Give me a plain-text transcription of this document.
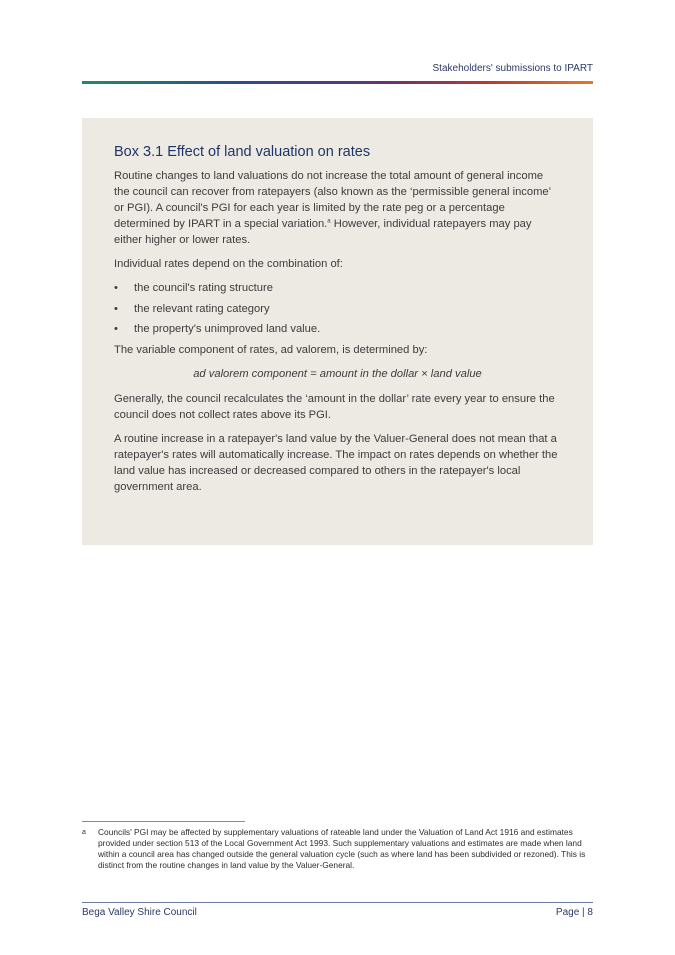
Stakeholders' submissions to IPART
Box 3.1 Effect of land valuation on rates

Routine changes to land valuations do not increase the total amount of general income the council can recover from ratepayers (also known as the ‘permissible general income’ or PGI). A council's PGI for each year is limited by the rate peg or a percentage determined by IPART in a special variation.$^a$ However, individual ratepayers may pay either higher or lower rates.

Individual rates depend on the combination of:

• the council's rating structure
• the relevant rating category
• the property's unimproved land value.

The variable component of rates, ad valorem, is determined by:

ad valorem component = amount in the dollar × land value

Generally, the council recalculates the ‘amount in the dollar’ rate every year to ensure the council does not collect rates above its PGI.

A routine increase in a ratepayer's land value by the Valuer-General does not mean that a ratepayer's rates will automatically increase. The impact on rates depends on whether the land value has increased or decreased compared to others in the ratepayer's local government area.

a Councils' PGI may be affected by supplementary valuations of rateable land under the Valuation of Land Act 1916 and estimates provided under section 513 of the Local Government Act 1993. Such supplementary valuations and estimates are made when land within a council area has changed outside the general valuation cycle (such as where land has been subdivided or rezoned). This is distinct from the routine changes in land value by the Valuer-General.
Bega Valley Shire Council	Page | 8
